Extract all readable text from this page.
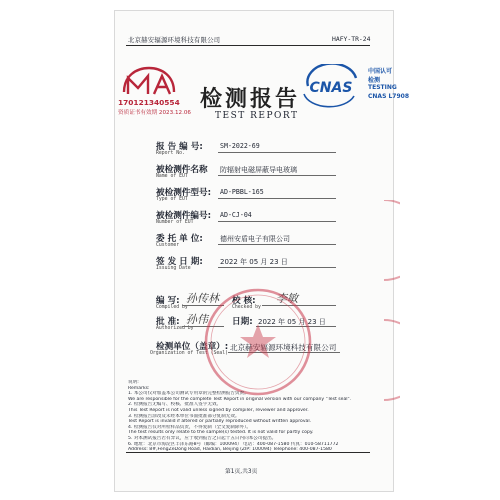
北京赫安辐源环境科技有限公司	HAFY-TR-24
170121340554
资质证书有效期 2023.12.06
检测报告
TEST REPORT
CNAS
中国认可
检测
TESTING
CNAS L7908
报 告 编 号:
Report No.
SM-2022-69
被检测件名称
Name of EUT
防辐射电磁屏蔽导电玻璃
被检测件型号:
Type of EUT
AD-PBBL-165
被检测件编号:
Number of EUT
AD-CJ-04
委 托 单 位:
Customer
德州安盾电子有限公司
签 发 日 期:
Issuing Date
2022 年 05 月 23 日
编 写:
Compiled by
孙传林 校 核:
Checked by
李敏
批 准:
Authorized by
孙伟	日期: 2022 年 05 月 23 日
检测单位（盖章）:
Organization of Test (Seal)
北京赫安辐源环境科技有限公司
说明:
Remarks:
1. 本公司仅对加盖本公司测试专用章的完整检测报告负责。
We are responsible for the complete Test Report in original version with our company "Test seal".
2. 检测报告无编写、校核、批准人签字无效。
This Test Report is not valid unless signed by compiler, reviewer and approver.
3. 检测报告涂改及未经本单位书面批准部分复制无效。
Test Report is invalid if altered or partially reproduced without written approval.
4. 检测报告仅对所检样品负责，不得复制（全文复制除外）。
The test results only relate to the sample(s) tested. It is not valid for partly copy.
5. 对本测试报告若有异议，应于收到报告之日起十五日内向本公司提出。
6. 地址：北京市海淀区丰泽东路8号（邮编：100094） 电话：400-087-1580 传真：010-58711772
Address: 8#,FengZeDong Road, Haidian, Beijing (ZIP: 100094) Telephone: 400-087-1580
第1页,共3页
